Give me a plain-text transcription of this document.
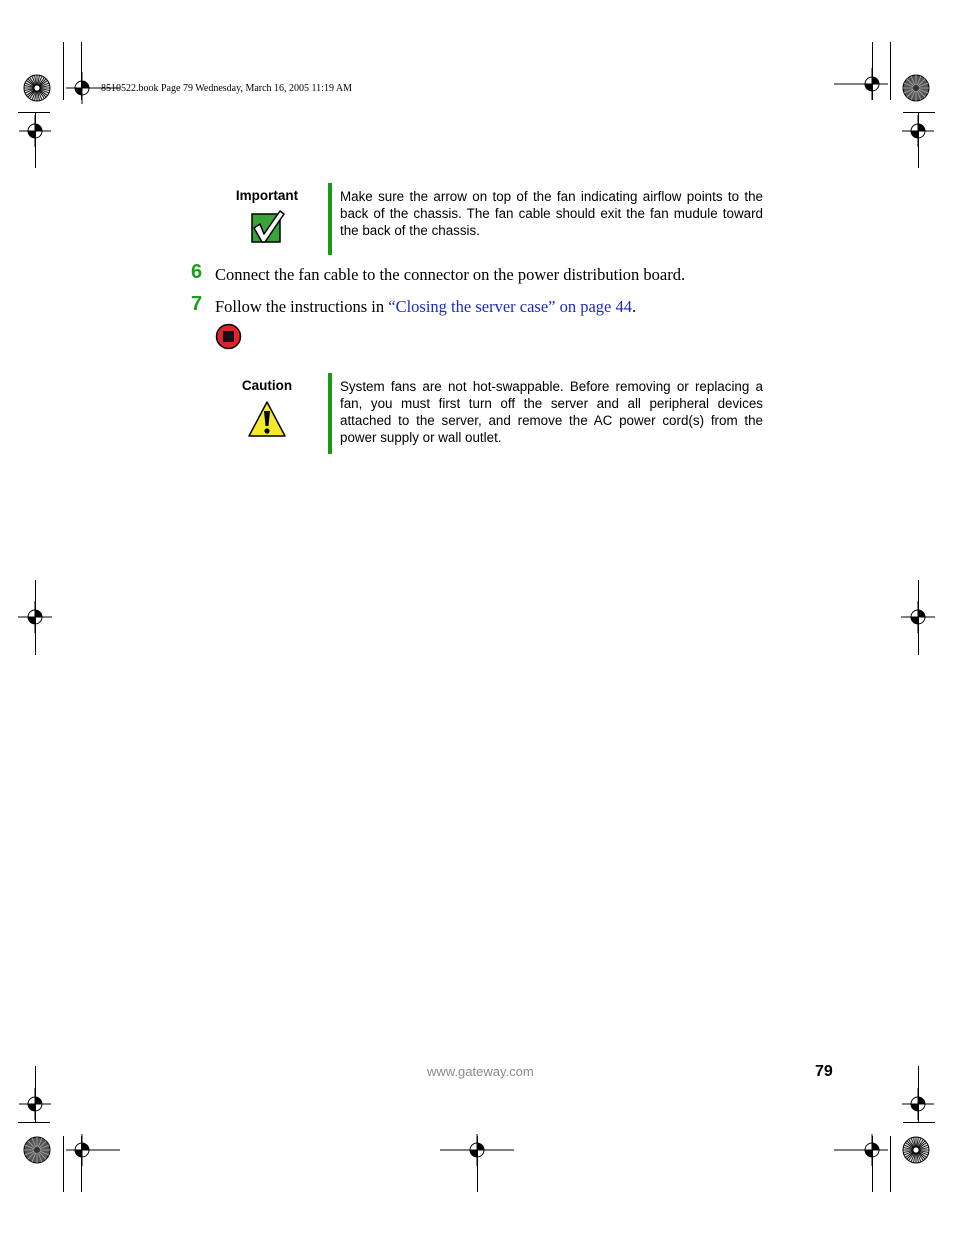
8510522.book Page 79 Wednesday, March 16, 2005 11:19 AM
Important	Make sure the arrow on top of the fan indicating airflow points to the back of the chassis. The fan cable should exit the fan mudule toward the back of the chassis.
6 Connect the fan cable to the connector on the power distribution board.
7 Follow the instructions in “Closing the server case” on page 44.
Caution	System fans are not hot-swappable. Before removing or replacing a fan, you must first turn off the server and all peripheral devices attached to the server, and remove the AC power cord(s) from the power supply or wall outlet.
www.gateway.com	79
